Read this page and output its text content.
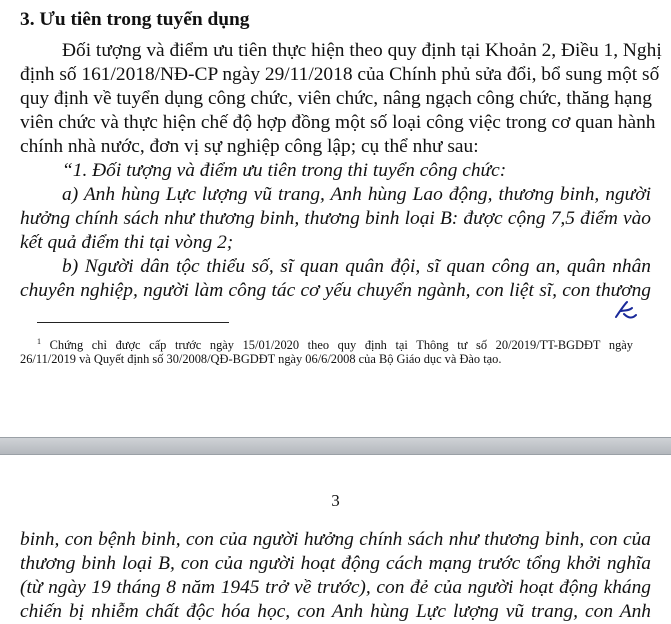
3. Ưu tiên trong tuyển dụng
Đối tượng và điểm ưu tiên thực hiện theo quy định tại Khoản 2, Điều 1, Nghị
định số 161/2018/NĐ-CP ngày 29/11/2018 của Chính phủ sửa đổi, bổ sung một số
quy định về tuyển dụng công chức, viên chức, nâng ngạch công chức, thăng hạng
viên chức và thực hiện chế độ hợp đồng một số loại công việc trong cơ quan hành
chính nhà nước, đơn vị sự nghiệp công lập; cụ thể như sau:
“1. Đối tượng và điểm ưu tiên trong thi tuyển công chức:
a) Anh hùng Lực lượng vũ trang, Anh hùng Lao động, thương binh, người
hưởng chính sách như thương binh, thương binh loại B: được cộng 7,5 điểm vào
kết quả điểm thi tại vòng 2;
b) Người dân tộc thiểu số, sĩ quan quân đội, sĩ quan công an, quân nhân
chuyên nghiệp, người làm công tác cơ yếu chuyển ngành, con liệt sĩ, con thương
$^1$ Chứng chỉ được cấp trước ngày 15/01/2020 theo quy định tại Thông tư số 20/2019/TT-BGDĐT ngày
26/11/2019 và Quyết định số 30/2008/QĐ-BGDĐT ngày 06/6/2008 của Bộ Giáo dục và Đào tạo.
3
binh, con bệnh binh, con của người hưởng chính sách như thương binh, con của
thương binh loại B, con của người hoạt động cách mạng trước tổng khởi nghĩa
(từ ngày 19 tháng 8 năm 1945 trở về trước), con đẻ của người hoạt động kháng
chiến bị nhiễm chất độc hóa học, con Anh hùng Lực lượng vũ trang, con Anh
